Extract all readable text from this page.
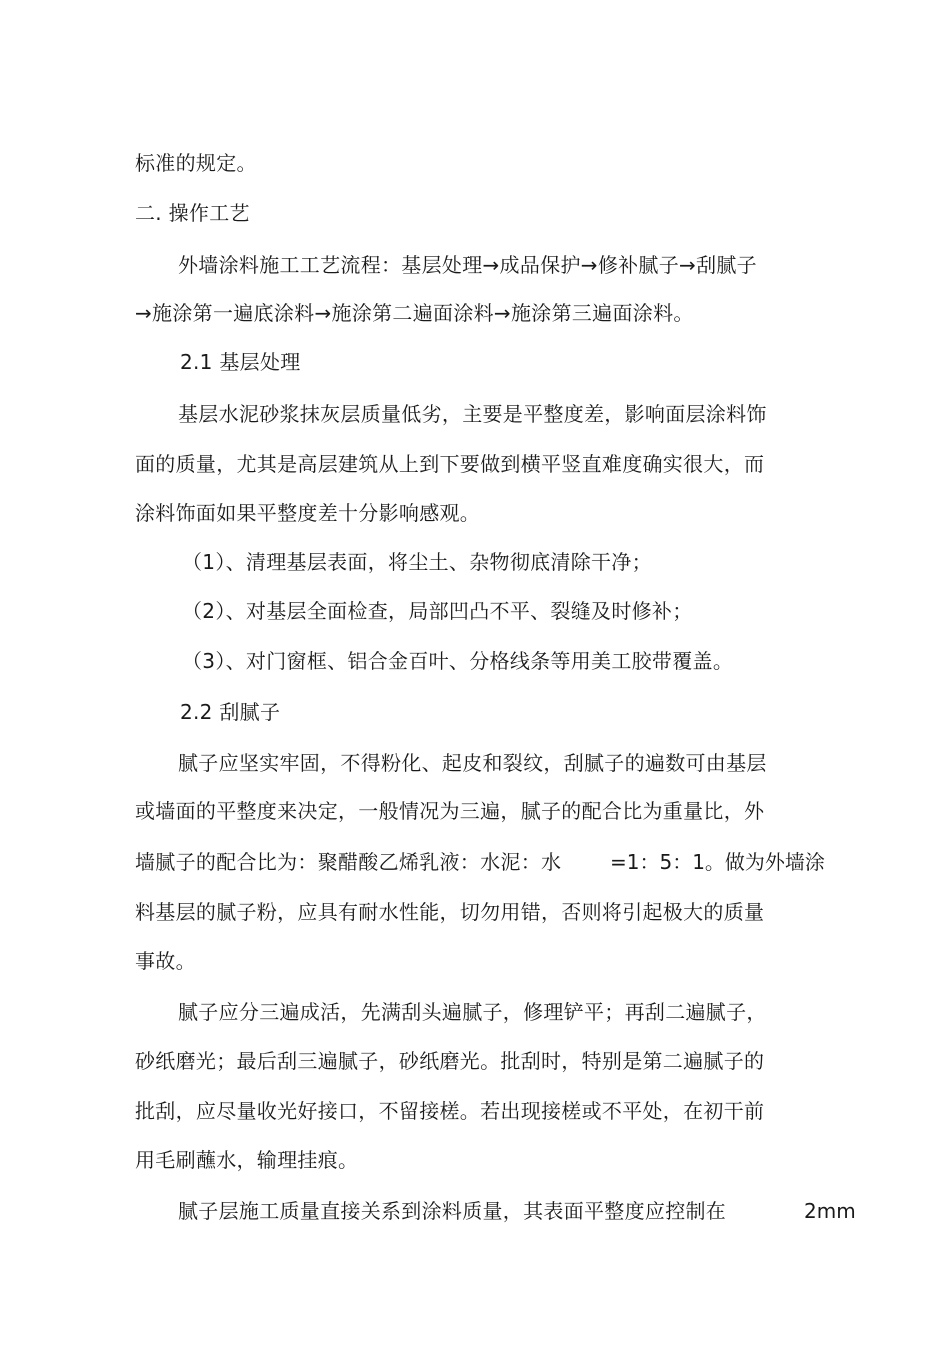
标准的规定。
二. 操作工艺
外墙涂料施工工艺流程：基层处理→成品保护→修补腻子→刮腻子
→施涂第一遍底涂料→施涂第二遍面涂料→施涂第三遍面涂料。
2.1 基层处理
基层水泥砂浆抹灰层质量低劣，主要是平整度差，影响面层涂料饰
面的质量，尤其是高层建筑从上到下要做到横平竖直难度确实很大，而
涂料饰面如果平整度差十分影响感观。
（1）、清理基层表面，将尘土、杂物彻底清除干净；
（2）、对基层全面检查，局部凹凸不平、裂缝及时修补；
（3）、对门窗框、铝合金百叶、分格线条等用美工胶带覆盖。
2.2 刮腻子
腻子应坚实牢固，不得粉化、起皮和裂纹，刮腻子的遍数可由基层
或墙面的平整度来决定，一般情况为三遍，腻子的配合比为重量比，外
墙腻子的配合比为：聚醋酸乙烯乳液：水泥：水 =1：5：1。做为外墙涂
料基层的腻子粉，应具有耐水性能，切勿用错，否则将引起极大的质量
事故。
腻子应分三遍成活，先满刮头遍腻子，修理铲平；再刮二遍腻子，
砂纸磨光；最后刮三遍腻子，砂纸磨光。批刮时，特别是第二遍腻子的
批刮，应尽量收光好接口，不留接槎。若出现接槎或不平处，在初干前
用毛刷蘸水，输理挂痕。
腻子层施工质量直接关系到涂料质量，其表面平整度应控制在	2mm
